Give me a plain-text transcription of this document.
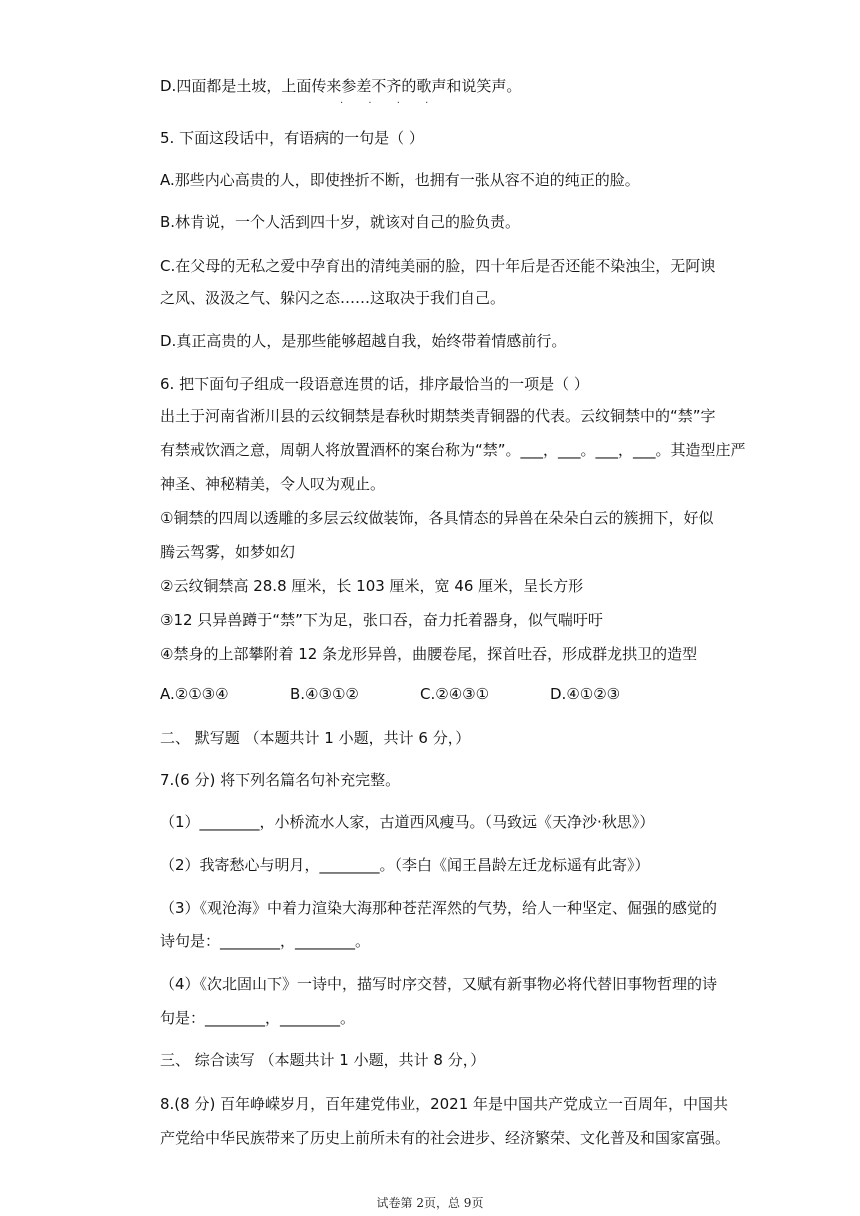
D.四面都是土坡，上面传来参差不齐的歌声和说笑声。
· · · ·
5. 下面这段话中，有语病的一句是（ ）
A.那些内心高贵的人，即使挫折不断，也拥有一张从容不迫的纯正的脸。
B.林肯说，一个人活到四十岁，就该对自己的脸负责。
C.在父母的无私之爱中孕育出的清纯美丽的脸，四十年后是否还能不染浊尘，无阿谀
之风、汲汲之气、躲闪之态……这取决于我们自己。
D.真正高贵的人，是那些能够超越自我，始终带着情感前行。
6. 把下面句子组成一段语意连贯的话，排序最恰当的一项是（ ）
出土于河南省淅川县的云纹铜禁是春秋时期禁类青铜器的代表。云纹铜禁中的“禁”字
有禁戒饮酒之意，周朝人将放置酒杯的案台称为“禁”。___，___。___，___。其造型庄严
神圣、神秘精美，令人叹为观止。
①铜禁的四周以透雕的多层云纹做装饰，各具情态的异兽在朵朵白云的簇拥下，好似
腾云驾雾，如梦如幻
②云纹铜禁高 28.8 厘米，长 103 厘米，宽 46 厘米，呈长方形
③12 只异兽蹲于“禁”下为足，张口吞，奋力托着器身，似气喘吁吁
④禁身的上部攀附着 12 条龙形异兽，曲腰卷尾，探首吐吞，形成群龙拱卫的造型
A.②①③④	B.④③①②	C.②④③①	D.④①②③
二、 默写题 （本题共计 1 小题，共计 6 分，）
7.(6 分) 将下列名篇名句补充完整。
（1）________，小桥流水人家，古道西风瘦马。（马致远《天净沙·秋思》）
（2）我寄愁心与明月，________。（李白《闻王昌龄左迁龙标遥有此寄》）
（3）《观沧海》中着力渲染大海那种苍茫浑然的气势，给人一种坚定、倔强的感觉的
诗句是：________，________。
（4）《次北固山下》一诗中，描写时序交替，又赋有新事物必将代替旧事物哲理的诗
句是：________，________。
三、 综合读写 （本题共计 1 小题，共计 8 分，）
8.(8 分) 百年峥嵘岁月，百年建党伟业，2021 年是中国共产党成立一百周年，中国共
产党给中华民族带来了历史上前所未有的社会进步、经济繁荣、文化普及和国家富强。
试卷第 2页，总 9页
